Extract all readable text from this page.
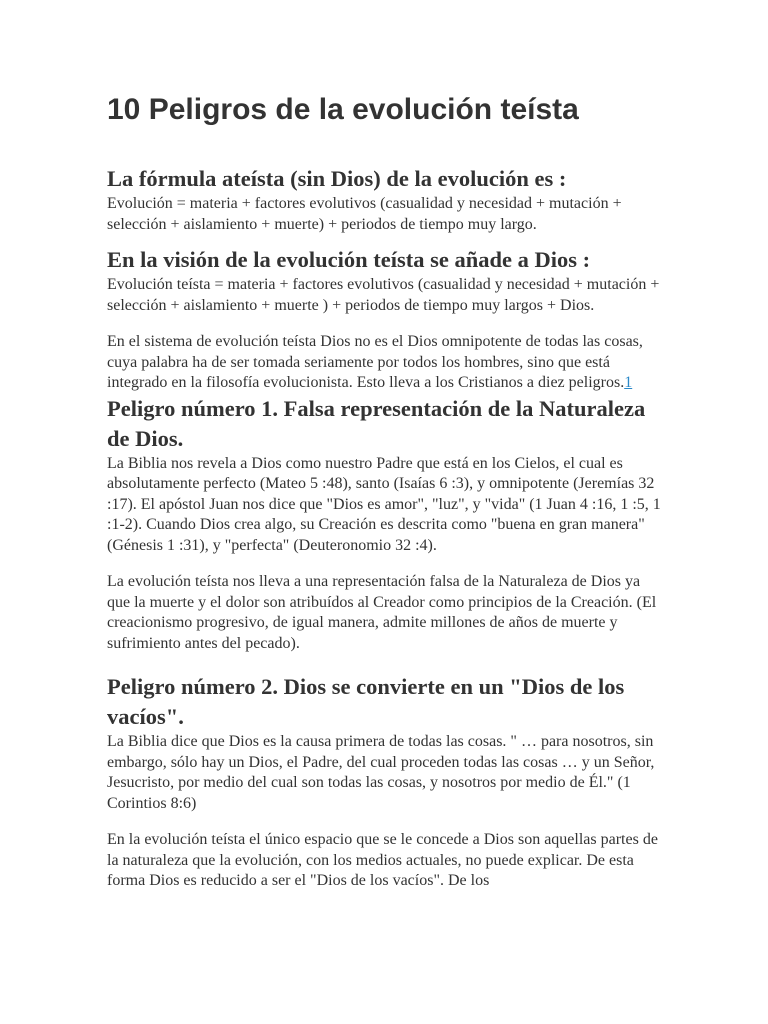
10 Peligros de la evolución teísta
La fórmula ateísta (sin Dios) de la evolución es :

Evolución = materia + factores evolutivos (casualidad y necesidad + mutación + selección + aislamiento + muerte) + periodos de tiempo muy largo.

En la visión de la evolución teísta se añade a Dios :

Evolución teísta = materia + factores evolutivos (casualidad y necesidad + mutación + selección + aislamiento + muerte ) + periodos de tiempo muy largos + Dios.

En el sistema de evolución teísta Dios no es el Dios omnipotente de todas las cosas, cuya palabra ha de ser tomada seriamente por todos los hombres, sino que está integrado en la filosofía evolucionista. Esto lleva a los Cristianos a diez peligros.1

Peligro número 1. Falsa representación de la Naturaleza de Dios.

La Biblia nos revela a Dios como nuestro Padre que está en los Cielos, el cual es absolutamente perfecto (Mateo 5 :48), santo (Isaías 6 :3), y omnipotente (Jeremías 32 :17). El apóstol Juan nos dice que "Dios es amor", "luz", y "vida" (1 Juan 4 :16, 1 :5, 1 :1-2). Cuando Dios crea algo, su Creación es descrita como "buena en gran manera" (Génesis 1 :31), y "perfecta" (Deuteronomio 32 :4).

La evolución teísta nos lleva a una representación falsa de la Naturaleza de Dios ya que la muerte y el dolor son atribuídos al Creador como principios de la Creación. (El creacionismo progresivo, de igual manera, admite millones de años de muerte y sufrimiento antes del pecado).

Peligro número 2. Dios se convierte en un "Dios de los vacíos".

La Biblia dice que Dios es la causa primera de todas las cosas. " … para nosotros, sin embargo, sólo hay un Dios, el Padre, del cual proceden todas las cosas … y un Señor, Jesucristo, por medio del cual son todas las cosas, y nosotros por medio de Él." (1 Corintios 8:6)

En la evolución teísta el único espacio que se le concede a Dios son aquellas partes de la naturaleza que la evolución, con los medios actuales, no puede explicar. De esta forma Dios es reducido a ser el "Dios de los vacíos". De los
